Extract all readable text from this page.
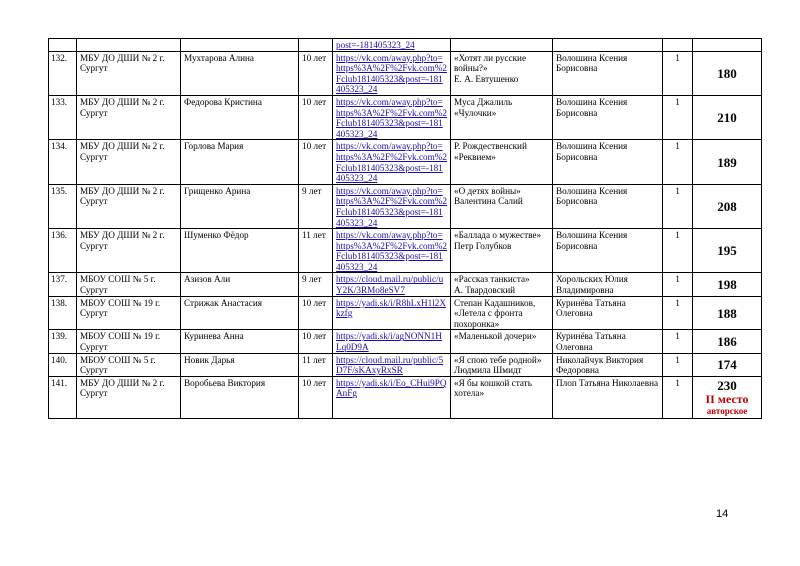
				post=-181405323_24				
132.	МБУ ДО ДШИ № 2 г. Сургут	Мухтарова Алина	10 лет	https://vk.com/away.php?to=https%3A%2F%2Fvk.com%2Fclub181405323&post=-181405323_24	«Хотят ли русские войны?»
Е. А. Евтушенко	Волошина Ксения Борисовна	1	180
133.	МБУ ДО ДШИ № 2 г. Сургут	Федорова Кристина	10 лет	https://vk.com/away.php?to=https%3A%2F%2Fvk.com%2Fclub181405323&post=-181405323_24	Муса Джалиль
«Чулочки»	Волошина Ксения Борисовна	1	210
134.	МБУ ДО ДШИ № 2 г. Сургут	Горлова Мария	10 лет	https://vk.com/away.php?to=https%3A%2F%2Fvk.com%2Fclub181405323&post=-181405323_24	Р. Рождественский
«Реквием»	Волошина Ксения Борисовна	1	189
135.	МБУ ДО ДШИ № 2 г. Сургут	Грищенко Арина	9 лет	https://vk.com/away.php?to=https%3A%2F%2Fvk.com%2Fclub181405323&post=-181405323_24	«О детях войны»
Валентина Салий	Волошина Ксения Борисовна	1	208
136.	МБУ ДО ДШИ № 2 г. Сургут	Шуменко Фёдор	11 лет	https://vk.com/away.php?to=https%3A%2F%2Fvk.com%2Fclub181405323&post=-181405323_24	«Баллада о мужестве»
Петр Голубков	Волошина Ксения Борисовна	1	195
137.	МБОУ СОШ № 5 г. Сургут	Азизов Али	9 лет	https://cloud.mail.ru/public/uY2K/3RMo8eSV7	«Рассказ танкиста»
А. Твардовский	Хорольских Юлия Владимировна	1	198
138.	МБОУ СОШ № 19 г. Сургут	Стрижак Анастасия	10 лет	https://yadi.sk/i/R8hLxH1l2Xkzfg	Степан Кадашников, «Летела с фронта похоронка»	Куринёва Татьяна Олеговна	1	188
139.	МБОУ СОШ № 19 г. Сургут	Куринева Анна	10 лет	https://yadi.sk/i/agNONN1HLq0D9A	«Маленькой дочери»	Куринёва Татьяна Олеговна	1	186
140.	МБОУ СОШ № 5 г. Сургут	Новик Дарья	11 лет	https://cloud.mail.ru/public/5D7F/sKAxyRxSR	«Я спою тебе родной»
Людмила Шмидт	Николайчук Виктория Федоровна	1	174
141.	МБУ ДО ДШИ № 2 г. Сургут	Воробьева Виктория	10 лет	https://yadi.sk/i/Eo_CHui9PQAnFg	«Я бы кошкой стать хотела»	Плоп Татьяна Николаевна	1	230
II место
авторское
14
